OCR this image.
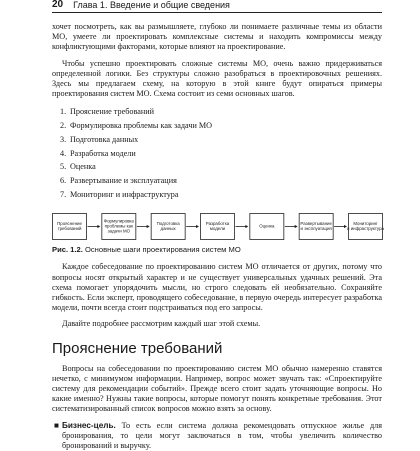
20 Глава 1. Введение и общие сведения

хочет посмотреть, как вы размышляете, глубоко ли понимаете различные темы из области МО, умеете ли проектировать комплексные системы и находить компромиссы между конфликтующими факторами, которые влияют на проектирование.

Чтобы успешно проектировать сложные системы МО, очень важно придерживаться определенной логики. Без структуры сложно разобраться в проектировочных решениях. Здесь мы предлагаем схему, на которую в этой книге будут опираться примеры проектирования систем МО. Схема состоит из семи основных шагов.

1. Прояснение требований
2. Формулировка проблемы как задачи МО
3. Подготовка данных
4. Разработка модели
5. Оценка
6. Развертывание и эксплуатация
7. Мониторинг и инфраструктура
Прояснение
требований
Формулировка
проблемы как
задачи МО
Подготовка
данных
Разработка
модели
Оценка
Развертывание
и эксплуатация
Мониторинг
и инфраструктура
Рис. 1.2. Основные шаги проектирования систем МО

Каждое собеседование по проектированию систем МО отличается от других, потому что вопросы носят открытый характер и не существует универсальных удачных решений. Эта схема помогает упорядочить мысли, но строго следовать ей необязательно. Сохраняйте гибкость. Если эксперт, проводящего собеседование, в первую очередь интересует разработка модели, почти всегда стоит подстраиваться под его запросы.

Давайте подробнее рассмотрим каждый шаг этой схемы.

Прояснение требований

Вопросы на собеседовании по проектированию систем МО обычно намеренно ставятся нечетко, с минимумом информации. Например, вопрос может звучать так: «Спроектируйте систему для рекомендации событий». Прежде всего стоит задать уточняющие вопросы. Но какие именно? Нужны такие вопросы, которые помогут понять конкретные требования. Этот систематизированный список вопросов можно взять за основу.

■ Бизнес-цель. То есть если система должна рекомендовать отпускное жилье для бронирования, то цели могут заключаться в том, чтобы увеличить количество бронирований и выручку.
